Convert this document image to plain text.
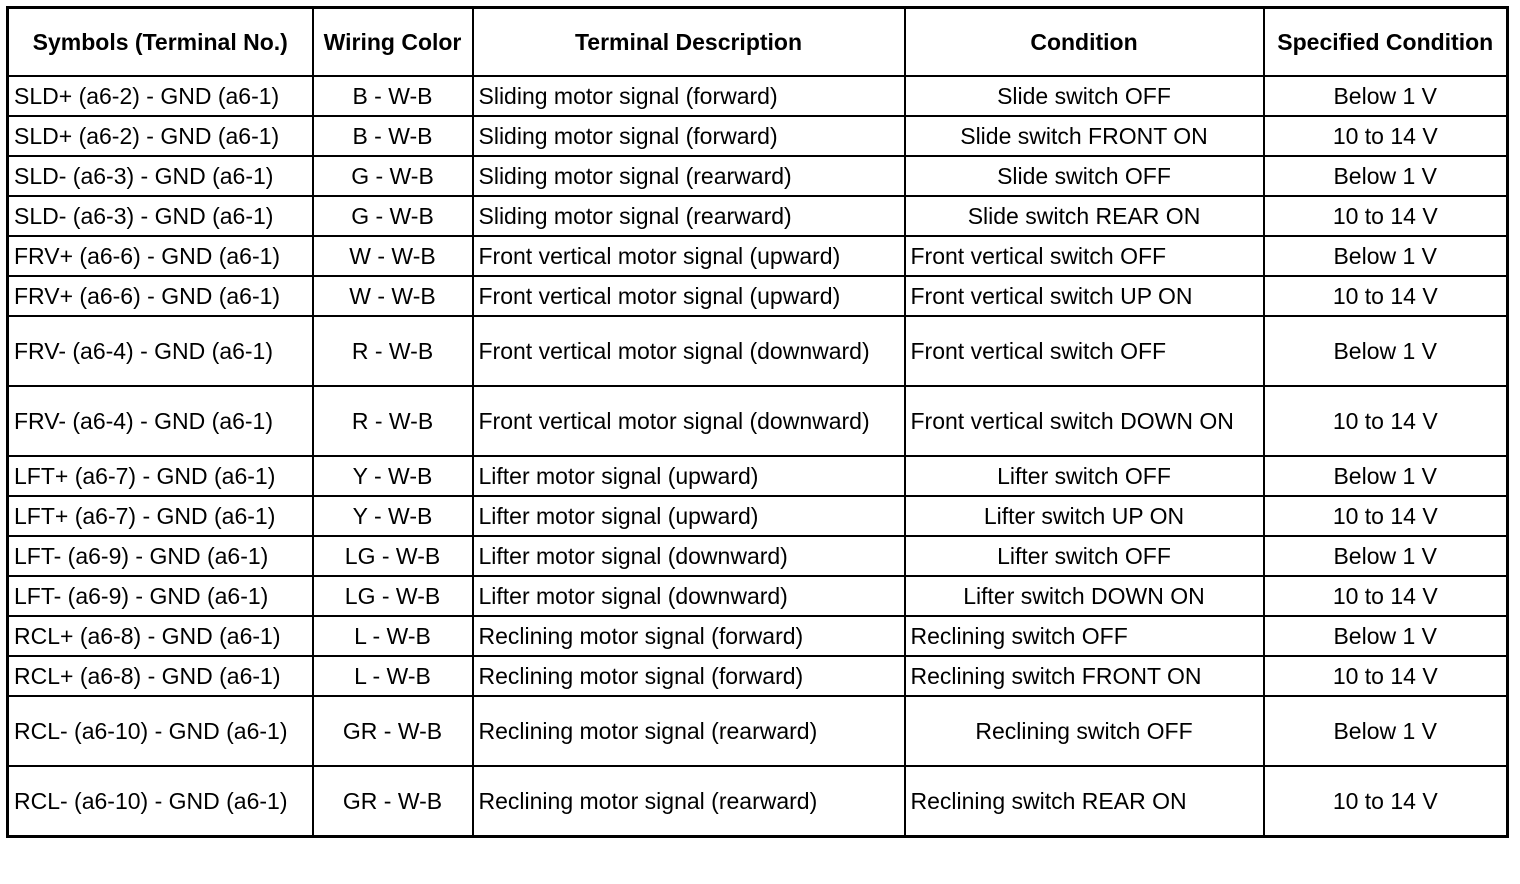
Symbols (Terminal No.)	Wiring Color	Terminal Description	Condition	Specified Condition
SLD+ (a6-2) - GND (a6-1)	B - W-B	Sliding motor signal (forward)	Slide switch OFF	Below 1 V
SLD+ (a6-2) - GND (a6-1)	B - W-B	Sliding motor signal (forward)	Slide switch FRONT ON	10 to 14 V
SLD- (a6-3) - GND (a6-1)	G - W-B	Sliding motor signal (rearward)	Slide switch OFF	Below 1 V
SLD- (a6-3) - GND (a6-1)	G - W-B	Sliding motor signal (rearward)	Slide switch REAR ON	10 to 14 V
FRV+ (a6-6) - GND (a6-1)	W - W-B	Front vertical motor signal (upward)	Front vertical switch OFF	Below 1 V
FRV+ (a6-6) - GND (a6-1)	W - W-B	Front vertical motor signal (upward)	Front vertical switch UP ON	10 to 14 V
FRV- (a6-4) - GND (a6-1)	R - W-B	Front vertical motor signal (downward)	Front vertical switch OFF	Below 1 V
FRV- (a6-4) - GND (a6-1)	R - W-B	Front vertical motor signal (downward)	Front vertical switch DOWN ON	10 to 14 V
LFT+ (a6-7) - GND (a6-1)	Y - W-B	Lifter motor signal (upward)	Lifter switch OFF	Below 1 V
LFT+ (a6-7) - GND (a6-1)	Y - W-B	Lifter motor signal (upward)	Lifter switch UP ON	10 to 14 V
LFT- (a6-9) - GND (a6-1)	LG - W-B	Lifter motor signal (downward)	Lifter switch OFF	Below 1 V
LFT- (a6-9) - GND (a6-1)	LG - W-B	Lifter motor signal (downward)	Lifter switch DOWN ON	10 to 14 V
RCL+ (a6-8) - GND (a6-1)	L - W-B	Reclining motor signal (forward)	Reclining switch OFF	Below 1 V
RCL+ (a6-8) - GND (a6-1)	L - W-B	Reclining motor signal (forward)	Reclining switch FRONT ON	10 to 14 V
RCL- (a6-10) - GND (a6-1)	GR - W-B	Reclining motor signal (rearward)	Reclining switch OFF	Below 1 V
RCL- (a6-10) - GND (a6-1)	GR - W-B	Reclining motor signal (rearward)	Reclining switch REAR ON	10 to 14 V
